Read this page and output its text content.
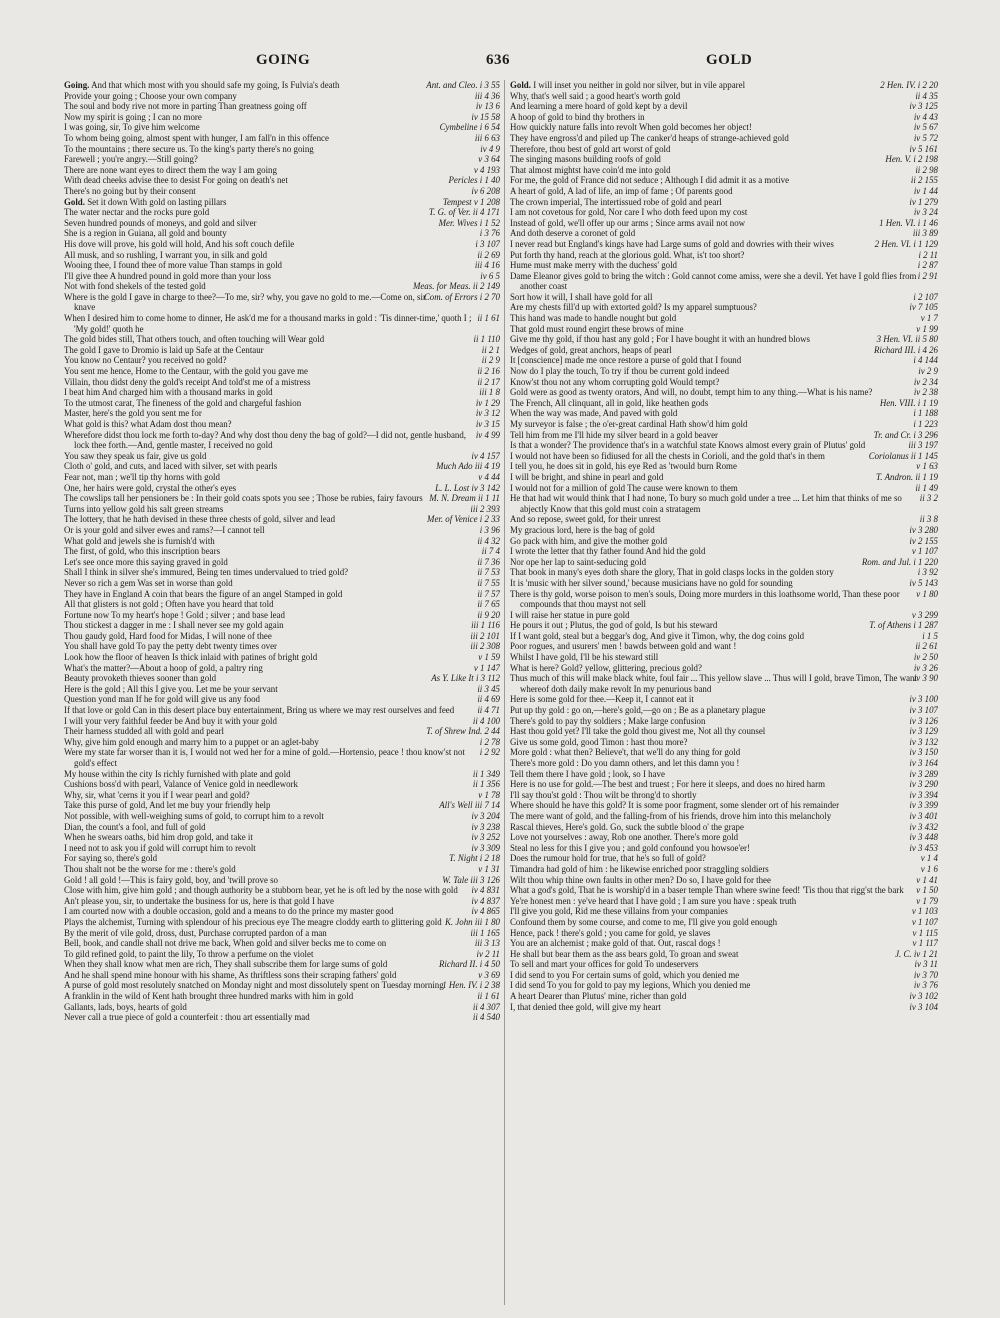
GOING	636	GOLD
Ant. and Cleo. i 3 55
Going. And that which most with you should safe my going, Is Fulvia's death
iii 4 36
Provide your going ; Choose your own company
iv 13 6
The soul and body rive not more in parting Than greatness going off
iv 15 58
Now my spirit is going ; I can no more
Cymbeline i 6 54
I was going, sir, To give him welcome
iii 6 63
To whom being going, almost spent with hunger, I am fall'n in this offence
iv 4 9
To the mountains ; there secure us. To the king's party there's no going
v 3 64
Farewell ; you're angry.—Still going?
v 4 193
There are none want eyes to direct them the way I am going
Pericles i 1 40
With dead cheeks advise thee to desist For going on death's net
iv 6 208
There's no going but by their consent
Tempest v 1 208
Gold. Set it down With gold on lasting pillars
T. G. of Ver. ii 4 171
The water nectar and the rocks pure gold
Mer. Wives i 1 52
Seven hundred pounds of moneys, and gold and silver
i 3 76
She is a region in Guiana, all gold and bounty
i 3 107
His dove will prove, his gold will hold, And his soft couch defile
ii 2 69
All musk, and so rushling, I warrant you, in silk and gold
iii 4 16
Wooing thee, I found thee of more value Than stamps in gold
iv 6 5
I'll give thee A hundred pound in gold more than your loss
Meas. for Meas. ii 2 149
Not with fond shekels of the tested gold
Com. of Errors i 2 70
Where is the gold I gave in charge to thee?—To me, sir? why, you gave no gold to me.—Come on, sir knave
ii 1 61
When I desired him to come home to dinner, He ask'd me for a thousand marks in gold : 'Tis dinner-time,' quoth I ; 'My gold!' quoth he
ii 1 110
The gold bides still, That others touch, and often touching will Wear gold
ii 2 1
The gold I gave to Dromio is laid up Safe at the Centaur
ii 2 9
You know no Centaur? you received no gold?
ii 2 16
You sent me hence, Home to the Centaur, with the gold you gave me
ii 2 17
Villain, thou didst deny the gold's receipt And told'st me of a mistress
iii 1 8
I beat him And charged him with a thousand marks in gold
iv 1 29
To the utmost carat, The fineness of the gold and chargeful fashion
iv 3 12
Master, here's the gold you sent me for
iv 3 15
What gold is this? what Adam dost thou mean?
iv 4 99
Wherefore didst thou lock me forth to-day? And why dost thou deny the bag of gold?—I did not, gentle husband, lock thee forth.—And, gentle master, I received no gold
iv 4 157
You saw they speak us fair, give us gold
Much Ado iii 4 19
Cloth o' gold, and cuts, and laced with silver, set with pearls
v 4 44
Fear not, man ; we'll tip thy horns with gold
L. L. Lost iv 3 142
One, her hairs were gold, crystal the other's eyes
M. N. Dream ii 1 11
The cowslips tall her pensioners be : In their gold coats spots you see ; Those be rubies, fairy favours
iii 2 393
Turns into yellow gold his salt green streams
Mer. of Venice i 2 33
The lottery, that he hath devised in these three chests of gold, silver and lead
i 3 96
Or is your gold and silver ewes and rams?—I cannot tell
ii 4 32
What gold and jewels she is furnish'd with
ii 7 4
The first, of gold, who this inscription bears
ii 7 36
Let's see once more this saying graved in gold
ii 7 53
Shall I think in silver she's immured, Being ten times undervalued to tried gold?
ii 7 55
Never so rich a gem Was set in worse than gold
ii 7 57
They have in England A coin that bears the figure of an angel Stamped in gold
ii 7 65
All that glisters is not gold ; Often have you heard that told
ii 9 20
Fortune now To my heart's hope ! Gold ; silver ; and base lead
iii 1 116
Thou stickest a dagger in me : I shall never see my gold again
iii 2 101
Thou gaudy gold, Hard food for Midas, I will none of thee
iii 2 308
You shall have gold To pay the petty debt twenty times over
v 1 59
Look how the floor of heaven Is thick inlaid with patines of bright gold
v 1 147
What's the matter?—About a hoop of gold, a paltry ring
As Y. Like It i 3 112
Beauty provoketh thieves sooner than gold
ii 3 45
Here is the gold ; All this I give you. Let me be your servant
ii 4 69
Question yond man If he for gold will give us any food
ii 4 71
If that love or gold Can in this desert place buy entertainment, Bring us where we may rest ourselves and feed
ii 4 100
I will your very faithful feeder be And buy it with your gold
T. of Shrew Ind. 2 44
Their harness studded all with gold and pearl
i 2 78
Why, give him gold enough and marry him to a puppet or an aglet-baby
i 2 92
Were my state far worser than it is, I would not wed her for a mine of gold.—Hortensio, peace ! thou know'st not gold's effect
ii 1 349
My house within the city Is richly furnished with plate and gold
ii 1 356
Cushions boss'd with pearl, Valance of Venice gold in needlework
v 1 78
Why, sir, what 'cerns it you if I wear pearl and gold?
All's Well iii 7 14
Take this purse of gold, And let me buy your friendly help
iv 3 204
Not possible, with well-weighing sums of gold, to corrupt him to a revolt
iv 3 238
Dian, the count's a fool, and full of gold
iv 3 252
When he swears oaths, bid him drop gold, and take it
iv 3 309
I need not to ask you if gold will corrupt him to revolt
T. Night i 2 18
For saying so, there's gold
v 1 31
Thou shalt not be the worse for me : there's gold
W. Tale iii 3 126
Gold ! all gold !—This is fairy gold, boy, and 'twill prove so
iv 4 831
Close with him, give him gold ; and though authority be a stubborn bear, yet he is oft led by the nose with gold
iv 4 837
An't please you, sir, to undertake the business for us, here is that gold I have
iv 4 865
I am courted now with a double occasion, gold and a means to do the prince my master good
K. John iii 1 80
Plays the alchemist, Turning with splendour of his precious eye The meagre cloddy earth to glittering gold
iii 1 165
By the merit of vile gold, dross, dust, Purchase corrupted pardon of a man
iii 3 13
Bell, book, and candle shall not drive me back, When gold and silver becks me to come on
iv 2 11
To gild refined gold, to paint the lily, To throw a perfume on the violet
Richard II. i 4 50
When they shall know what men are rich, They shall subscribe them for large sums of gold
v 3 69
And he shall spend mine honour with his shame, As thriftless sons their scraping fathers' gold
1 Hen. IV. i 2 38
A purse of gold most resolutely snatched on Monday night and most dissolutely spent on Tuesday morning
ii 1 61
A franklin in the wild of Kent hath brought three hundred marks with him in gold
ii 4 307
Gallants, lads, boys, hearts of gold
ii 4 540
Never call a true piece of gold a counterfeit : thou art essentially mad
2 Hen. IV. i 2 20
Gold. I will inset you neither in gold nor silver, but in vile apparel
ii 4 35
Why, that's well said ; a good heart's worth gold
iv 3 125
And learning a mere hoard of gold kept by a devil
iv 4 43
A hoop of gold to bind thy brothers in
iv 5 67
How quickly nature falls into revolt When gold becomes her object!
iv 5 72
They have engross'd and piled up The canker'd heaps of strange-achieved gold
iv 5 161
Therefore, thou best of gold art worst of gold
Hen. V. i 2 198
The singing masons building roofs of gold
ii 2 98
That almost mightst have coin'd me into gold
ii 2 155
For me, the gold of France did not seduce ; Although I did admit it as a motive
iv 1 44
A heart of gold, A lad of life, an imp of fame ; Of parents good
iv 1 279
The crown imperial, The intertissued robe of gold and pearl
iv 3 24
I am not covetous for gold, Nor care I who doth feed upon my cost
1 Hen. VI. i 1 46
Instead of gold, we'll offer up our arms ; Since arms avail not now
iii 3 89
And doth deserve a coronet of gold
2 Hen. VI. i 1 129
I never read but England's kings have had Large sums of gold and dowries with their wives
i 2 11
Put forth thy hand, reach at the glorious gold. What, is't too short?
i 2 87
Hume must make merry with the duchess' gold
i 2 91
Dame Eleanor gives gold to bring the witch : Gold cannot come amiss, were she a devil. Yet have I gold flies from another coast
i 2 107
Sort how it will, I shall have gold for all
iv 7 105
Are my chests fill'd up with extorted gold? Is my apparel sumptuous?
v 1 7
This hand was made to handle nought but gold
v 1 99
That gold must round engirt these brows of mine
3 Hen. VI. ii 5 80
Give me thy gold, if thou hast any gold ; For I have bought it with an hundred blows
Richard III. i 4 26
Wedges of gold, great anchors, heaps of pearl
i 4 144
It [conscience] made me once restore a purse of gold that I found
iv 2 9
Now do I play the touch, To try if thou be current gold indeed
iv 2 34
Know'st thou not any whom corrupting gold Would tempt?
iv 2 38
Gold were as good as twenty orators, And will, no doubt, tempt him to any thing.—What is his name?
Hen. VIII. i 1 19
The French, All clinquant, all in gold, like heathen gods
i 1 188
When the way was made, And paved with gold
i 1 223
My surveyor is false ; the o'er-great cardinal Hath show'd him gold
Tr. and Cr. i 3 296
Tell him from me I'll hide my silver beard in a gold beaver
iii 3 197
Is that a wonder? The providence that's in a watchful state Knows almost every grain of Plutus' gold
Coriolanus ii 1 145
I would not have been so fidiused for all the chests in Corioli, and the gold that's in them
v 1 63
I tell you, he does sit in gold, his eye Red as 'twould burn Rome
T. Andron. ii 1 19
I will be bright, and shine in pearl and gold
ii 1 49
I would not for a million of gold The cause were known to them
ii 3 2
He that had wit would think that I had none, To bury so much gold under a tree ... Let him that thinks of me so abjectly Know that this gold must coin a stratagem
ii 3 8
And so repose, sweet gold, for their unrest
iv 3 280
My gracious lord, here is the bag of gold
iv 2 155
Go pack with him, and give the mother gold
v 1 107
I wrote the letter that thy father found And hid the gold
Rom. and Jul. i 1 220
Nor ope her lap to saint-seducing gold
i 3 92
That book in many's eyes doth share the glory, That in gold clasps locks in the golden story
iv 5 143
It is 'music with her silver sound,' because musicians have no gold for sounding
v 1 80
There is thy gold, worse poison to men's souls, Doing more murders in this loathsome world, Than these poor compounds that thou mayst not sell
v 3 299
I will raise her statue in pure gold
T. of Athens i 1 287
He pours it out ; Plutus, the god of gold, Is but his steward
i 1 5
If I want gold, steal but a beggar's dog, And give it Timon, why, the dog coins gold
ii 2 61
Poor rogues, and usurers' men ! bawds between gold and want !
iv 2 50
Whilst I have gold, I'll be his steward still
iv 3 26
What is here? Gold? yellow, glittering, precious gold?
iv 3 90
Thus much of this will make black white, foul fair ... This yellow slave ... Thus will I gold, brave Timon, The want whereof doth daily make revolt In my penurious band
iv 3 100
Here is some gold for thee.—Keep it, I cannot eat it
iv 3 107
Put up thy gold : go on,—here's gold,—go on ; Be as a planetary plague
iv 3 126
There's gold to pay thy soldiers ; Make large confusion
iv 3 129
Hast thou gold yet? I'll take the gold thou givest me, Not all thy counsel
iv 3 132
Give us some gold, good Timon : hast thou more?
iv 3 150
More gold : what then? Believe't, that we'll do any thing for gold
iv 3 164
There's more gold : Do you damn others, and let this damn you !
iv 3 289
Tell them there I have gold ; look, so I have
iv 3 290
Here is no use for gold.—The best and truest ; For here it sleeps, and does no hired harm
iv 3 394
I'll say thou'st gold : Thou wilt be throng'd to shortly
iv 3 399
Where should he have this gold? It is some poor fragment, some slender ort of his remainder
iv 3 401
The mere want of gold, and the falling-from of his friends, drove him into this melancholy
iv 3 432
Rascal thieves, Here's gold. Go, suck the subtle blood o' the grape
iv 3 448
Love not yourselves : away, Rob one another. There's more gold
iv 3 453
Steal no less for this I give you ; and gold confound you howsoe'er!
v 1 4
Does the rumour hold for true, that he's so full of gold?
v 1 6
Timandra had gold of him : he likewise enriched poor straggling soldiers
v 1 41
Wilt thou whip thine own faults in other men? Do so, I have gold for thee
v 1 50
What a god's gold, That he is worship'd in a baser temple Than where swine feed! 'Tis thou that rigg'st the bark
v 1 79
Ye're honest men : ye've heard that I have gold ; I am sure you have : speak truth
v 1 103
I'll give you gold, Rid me these villains from your companies
v 1 107
Confound them by some course, and come to me, I'll give you gold enough
v 1 115
Hence, pack ! there's gold ; you came for gold, ye slaves
v 1 117
You are an alchemist ; make gold of that. Out, rascal dogs !
J. C. iv 1 21
He shall but bear them as the ass bears gold, To groan and sweat
iv 3 11
To sell and mart your offices for gold To undeservers
iv 3 70
I did send to you For certain sums of gold, which you denied me
iv 3 76
I did send To you for gold to pay my legions, Which you denied me
iv 3 102
A heart Dearer than Plutus' mine, richer than gold
iv 3 104
I, that denied thee gold, will give my heart
